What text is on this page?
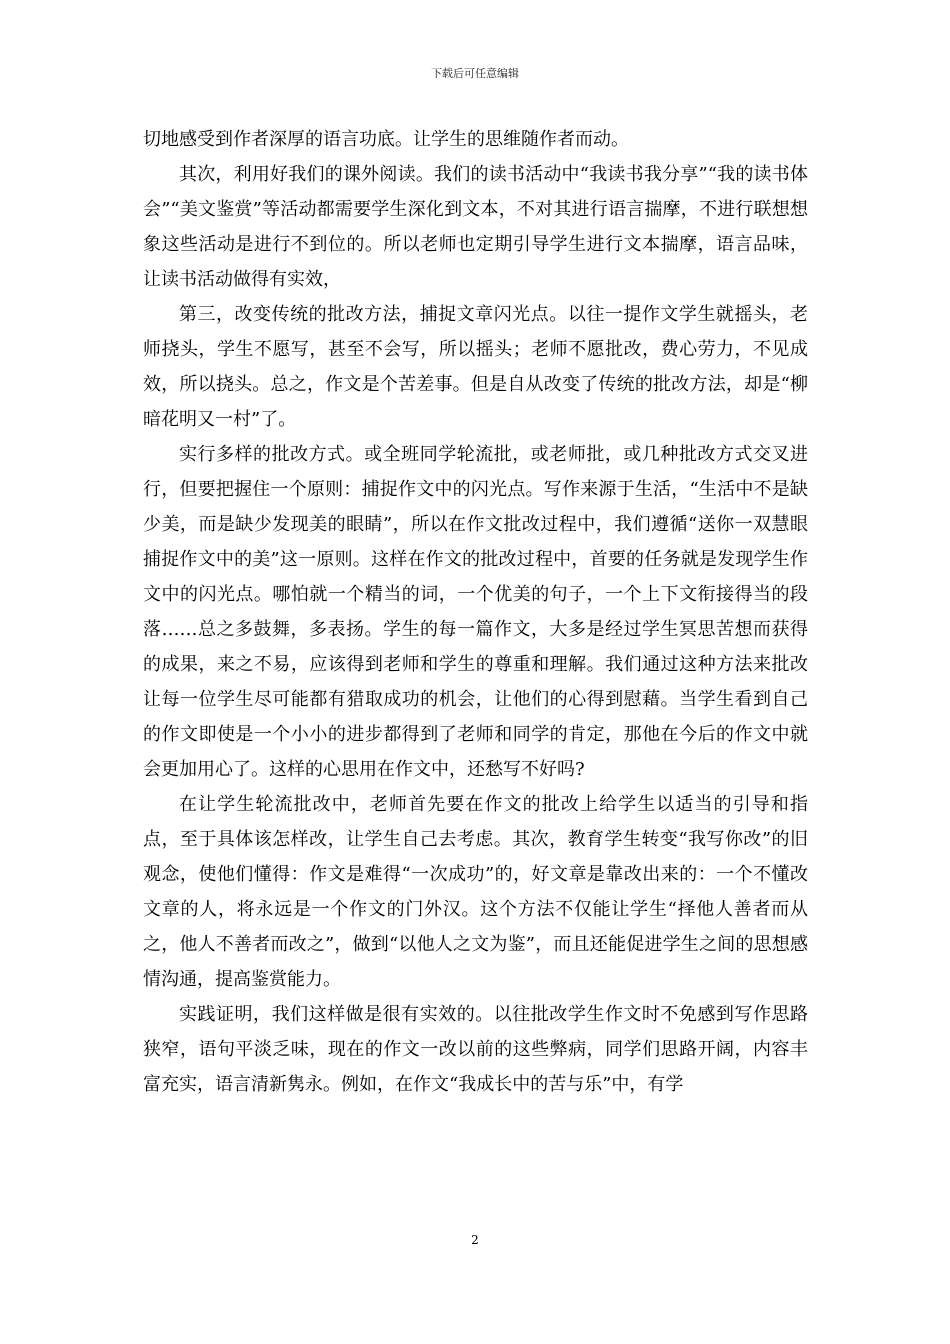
下载后可任意编辑

切地感受到作者深厚的语言功底。让学生的思维随作者而动。

其次，利用好我们的课外阅读。我们的读书活动中“我读书我分享”“我的读书体会”“美文鉴赏”等活动都需要学生深化到文本，不对其进行语言揣摩，不进行联想想象这些活动是进行不到位的。所以老师也定期引导学生进行文本揣摩，语言品味，让读书活动做得有实效，

第三，改变传统的批改方法，捕捉文章闪光点。以往一提作文学生就摇头，老师挠头，学生不愿写，甚至不会写，所以摇头；老师不愿批改，费心劳力，不见成效，所以挠头。总之，作文是个苦差事。但是自从改变了传统的批改方法，却是“柳暗花明又一村”了。

实行多样的批改方式。或全班同学轮流批，或老师批，或几种批改方式交叉进行，但要把握住一个原则：捕捉作文中的闪光点。写作来源于生活，“生活中不是缺少美，而是缺少发现美的眼睛”，所以在作文批改过程中，我们遵循“送你一双慧眼捕捉作文中的美”这一原则。这样在作文的批改过程中，首要的任务就是发现学生作文中的闪光点。哪怕就一个精当的词，一个优美的句子，一个上下文衔接得当的段落……总之多鼓舞，多表扬。学生的每一篇作文，大多是经过学生冥思苦想而获得的成果，来之不易，应该得到老师和学生的尊重和理解。我们通过这种方法来批改让每一位学生尽可能都有猎取成功的机会，让他们的心得到慰藉。当学生看到自己的作文即使是一个小小的进步都得到了老师和同学的肯定，那他在今后的作文中就会更加用心了。这样的心思用在作文中，还愁写不好吗?

在让学生轮流批改中，老师首先要在作文的批改上给学生以适当的引导和指点，至于具体该怎样改，让学生自己去考虑。其次，教育学生转变“我写你改”的旧观念，使他们懂得：作文是难得“一次成功”的，好文章是靠改出来的：一个不懂改文章的人，将永远是一个作文的门外汉。这个方法不仅能让学生“择他人善者而从之，他人不善者而改之”，做到“以他人之文为鉴”，而且还能促进学生之间的思想感情沟通，提高鉴赏能力。

实践证明，我们这样做是很有实效的。以往批改学生作文时不免感到写作思路狭窄，语句平淡乏味，现在的作文一改以前的这些弊病，同学们思路开阔，内容丰富充实，语言清新隽永。例如，在作文“我成长中的苦与乐”中，有学

2
